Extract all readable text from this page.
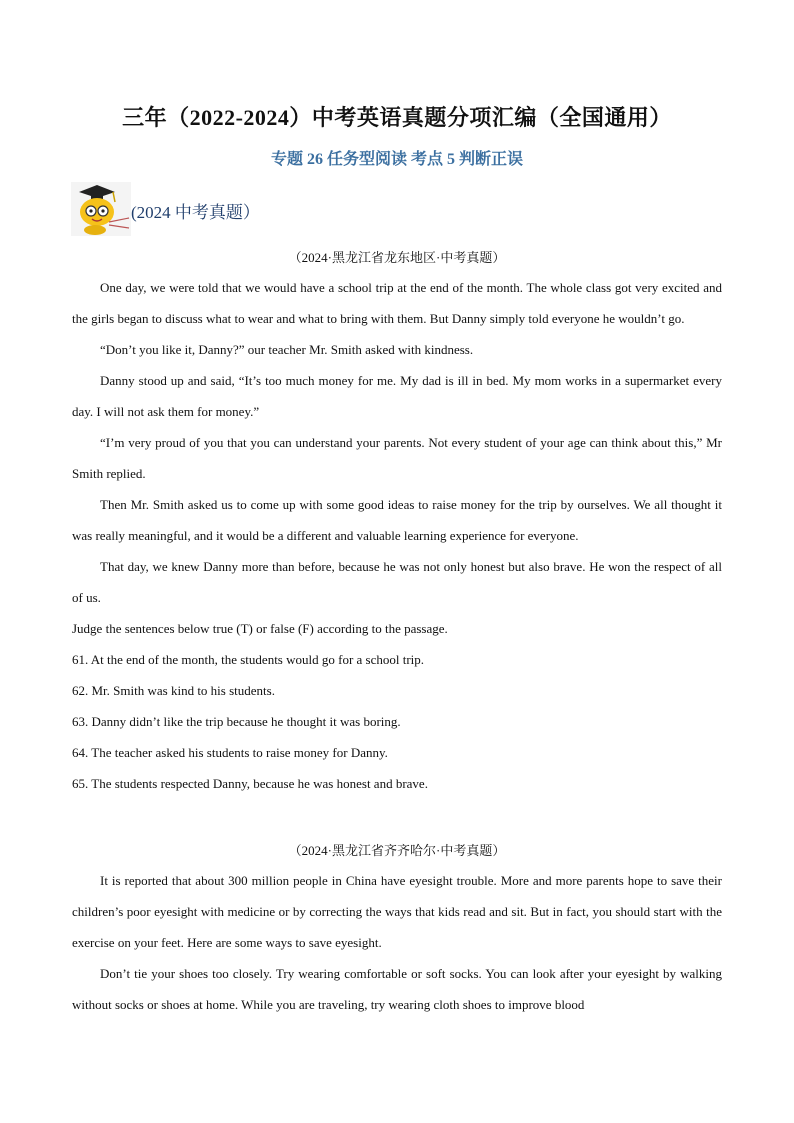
三年（2022-2024）中考英语真题分项汇编（全国通用）
专题 26 任务型阅读 考点 5 判断正误
(2024 中考真题）
（2024·黑龙江省龙东地区·中考真题）

One day, we were told that we would have a school trip at the end of the month. The whole class got very excited and the girls began to discuss what to wear and what to bring with them. But Danny simply told everyone he wouldn’t go.

“Don’t you like it, Danny?” our teacher Mr. Smith asked with kindness.

Danny stood up and said, “It’s too much money for me. My dad is ill in bed. My mom works in a supermarket every day. I will not ask them for money.”

“I’m very proud of you that you can understand your parents. Not every student of your age can think about this,” Mr Smith replied.

Then Mr. Smith asked us to come up with some good ideas to raise money for the trip by ourselves. We all thought it was really meaningful, and it would be a different and valuable learning experience for everyone.

That day, we knew Danny more than before, because he was not only honest but also brave. He won the respect of all of us.

Judge the sentences below true (T) or false (F) according to the passage.

61. At the end of the month, the students would go for a school trip.

62. Mr. Smith was kind to his students.

63. Danny didn’t like the trip because he thought it was boring.

64. The teacher asked his students to raise money for Danny.

65. The students respected Danny, because he was honest and brave.

（2024·黑龙江省齐齐哈尔·中考真题）

It is reported that about 300 million people in China have eyesight trouble. More and more parents hope to save their children’s poor eyesight with medicine or by correcting the ways that kids read and sit. But in fact, you should start with the exercise on your feet. Here are some ways to save eyesight.

Don’t tie your shoes too closely. Try wearing comfortable or soft socks. You can look after your eyesight by walking without socks or shoes at home. While you are traveling, try wearing cloth shoes to improve blood
